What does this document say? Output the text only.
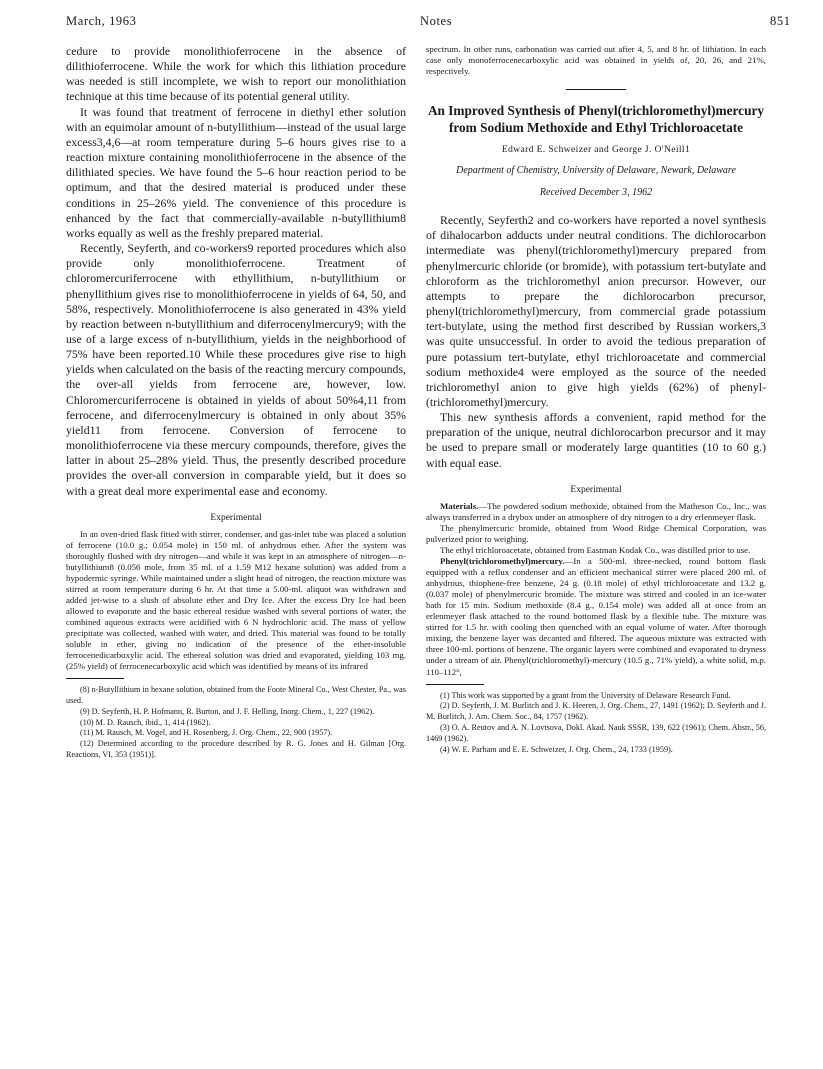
March, 1963	Notes	851

cedure to provide monolithioferrocene in the absence of dilithioferrocene. While the work for which this lithiation procedure was needed is still incomplete, we wish to report our monolithiation technique at this time because of its potential general utility.

It was found that treatment of ferrocene in diethyl ether solution with an equimolar amount of n-butyllithium—instead of the usual large excess3,4,6—at room temperature during 5–6 hours gives rise to a reaction mixture containing monolithioferrocene in the absence of the dilithiated species. We have found the 5–6 hour reaction period to be optimum, and that the desired material is produced under these conditions in 25–26% yield. The convenience of this procedure is enhanced by the fact that commercially-available n-butyllithium8 works equally as well as the freshly prepared material.

Recently, Seyferth, and co-workers9 reported procedures which also provide only monolithioferrocene. Treatment of chloromercuriferrocene with ethyllithium, n-butyllithium or phenyllithium gives rise to monolithioferrocene in yields of 64, 50, and 58%, respectively. Monolithioferrocene is also generated in 43% yield by reaction between n-butyllithium and diferrocenylmercury9; with the use of a large excess of n-butyllithium, yields in the neighborhood of 75% have been reported.10 While these procedures give rise to high yields when calculated on the basis of the reacting mercury compounds, the over-all yields from ferrocene are, however, low. Chloromercuriferrocene is obtained in yields of about 50%4,11 from ferrocene, and diferrocenylmercury is obtained in only about 35% yield11 from ferrocene. Conversion of ferrocene to monolithioferrocene via these mercury compounds, therefore, gives the latter in about 25–28% yield. Thus, the presently described procedure provides the over-all conversion in comparable yield, but it does so with a great deal more experimental ease and economy.

Experimental

In an oven-dried flask fitted with stirrer, condenser, and gas-inlet tube was placed a solution of ferrocene (10.0 g.; 0.054 mole) in 150 ml. of anhydrous ether. After the system was thoroughly flushed with dry nitrogen—and while it was kept in an atmosphere of nitrogen—n-butyllithium8 (0.056 mole, from 35 ml. of a 1.59 M12 hexane solution) was added from a hypodermic syringe. While maintained under a slight head of nitrogen, the reaction mixture was stirred at room temperature during 6 hr. At that time a 5.00-ml. aliquot was withdrawn and added jet-wise to a slush of absolute ether and Dry Ice. After the excess Dry Ice had been allowed to evaporate and the basic ethereal residue washed with several portions of water, the combined aqueous extracts were acidified with 6 N hydrochloric acid. The mass of yellow precipitate was collected, washed with water, and dried. This material was found to be totally soluble in ether, giving no indication of the presence of the ether-insoluble ferrocenedicarboxylic acid. The ethereal solution was dried and evaporated, yielding 103 mg. (25% yield) of ferrocenecarboxylic acid which was identified by means of its infrared

(8) n-Butyllithium in hexane solution, obtained from the Foote Mineral Co., West Chester, Pa., was used.

(9) D. Seyferth, H. P. Hofmann, R. Burton, and J. F. Helling, Inorg. Chem., 1, 227 (1962).

(10) M. D. Rausch, ibid., 1, 414 (1962).

(11) M. Rausch, M. Vogel, and H. Rosenberg, J. Org. Chem., 22, 900 (1957).

(12) Determined according to the procedure described by R. G. Jones and H. Gilman [Org. Reactions, VI, 353 (1951)].

spectrum. In other runs, carbonation was carried out after 4, 5, and 8 hr. of lithiation. In each case only monoferrocenecarboxylic acid was obtained in yields of, 20, 26, and 21%, respectively.

An Improved Synthesis of Phenyl(trichloromethyl)mercury from Sodium Methoxide and Ethyl Trichloroacetate

Edward E. Schweizer and George J. O'Neill1

Department of Chemistry, University of Delaware, Newark, Delaware

Received December 3, 1962

Recently, Seyferth2 and co-workers have reported a novel synthesis of dihalocarbon adducts under neutral conditions. The dichlorocarbon intermediate was phenyl(trichloromethyl)mercury prepared from phenylmercuric chloride (or bromide), with potassium tert-butylate and chloroform as the trichloromethyl anion precursor. However, our attempts to prepare the dichlorocarbon precursor, phenyl(trichloromethyl)mercury, from commercial grade potassium tert-butylate, using the method first described by Russian workers,3 was quite unsuccessful. In order to avoid the tedious preparation of pure potassium tert-butylate, ethyl trichloroacetate and commercial sodium methoxide4 were employed as the source of the needed trichloromethyl anion to give high yields (62%) of phenyl-(trichloromethyl)mercury.

This new synthesis affords a convenient, rapid method for the preparation of the unique, neutral dichlorocarbon precursor and it may be used to prepare small or moderately large quantities (10 to 60 g.) with equal ease.

Experimental

Materials.—The powdered sodium methoxide, obtained from the Matheson Co., Inc., was always transferred in a drybox under an atmosphere of dry nitrogen to a dry erlenmeyer flask.

The phenylmercuric bromide, obtained from Wood Ridge Chemical Corporation, was pulverized prior to weighing.

The ethyl trichloroacetate, obtained from Eastman Kodak Co., was distilled prior to use.

Phenyl(trichloromethyl)mercury.—In a 500-ml. three-necked, round bottom flask equipped with a reflux condenser and an efficient mechanical stirrer were placed 200 ml. of anhydrous, thiophene-free benzene, 24 g. (0.18 mole) of ethyl trichloroacetate and 13.2 g. (0.037 mole) of phenylmercuric bromide. The mixture was stirred and cooled in an ice-water bath for 15 min. Sodium methoxide (8.4 g., 0.154 mole) was added all at once from an erlenmeyer flask attached to the round bottomed flask by a flexible tube. The mixture was stirred for 1.5 hr. with cooling then quenched with an equal volume of water. After thorough mixing, the benzene layer was decanted and filtered. The aqueous mixture was extracted with three 100-ml. portions of benzene. The organic layers were combined and evaporated to dryness under a stream of air. Phenyl(trichloromethyl)-mercury (10.5 g., 71% yield), a white solid, m.p. 110–112°,

(1) This work was supported by a grant from the University of Delaware Research Fund.

(2) D. Seyferth, J. M. Burlitch and J. K. Heeren, J. Org. Chem., 27, 1491 (1962); D. Seyferth and J. M. Burlitch, J. Am. Chem. Soc., 84, 1757 (1962).

(3) O. A. Reutov and A. N. Lovtsova, Dokl. Akad. Nauk SSSR, 139, 622 (1961); Chem. Abstr., 56, 1469 (1962).

(4) W. E. Parham and E. E. Schweizer, J. Org. Chem., 24, 1733 (1959).
